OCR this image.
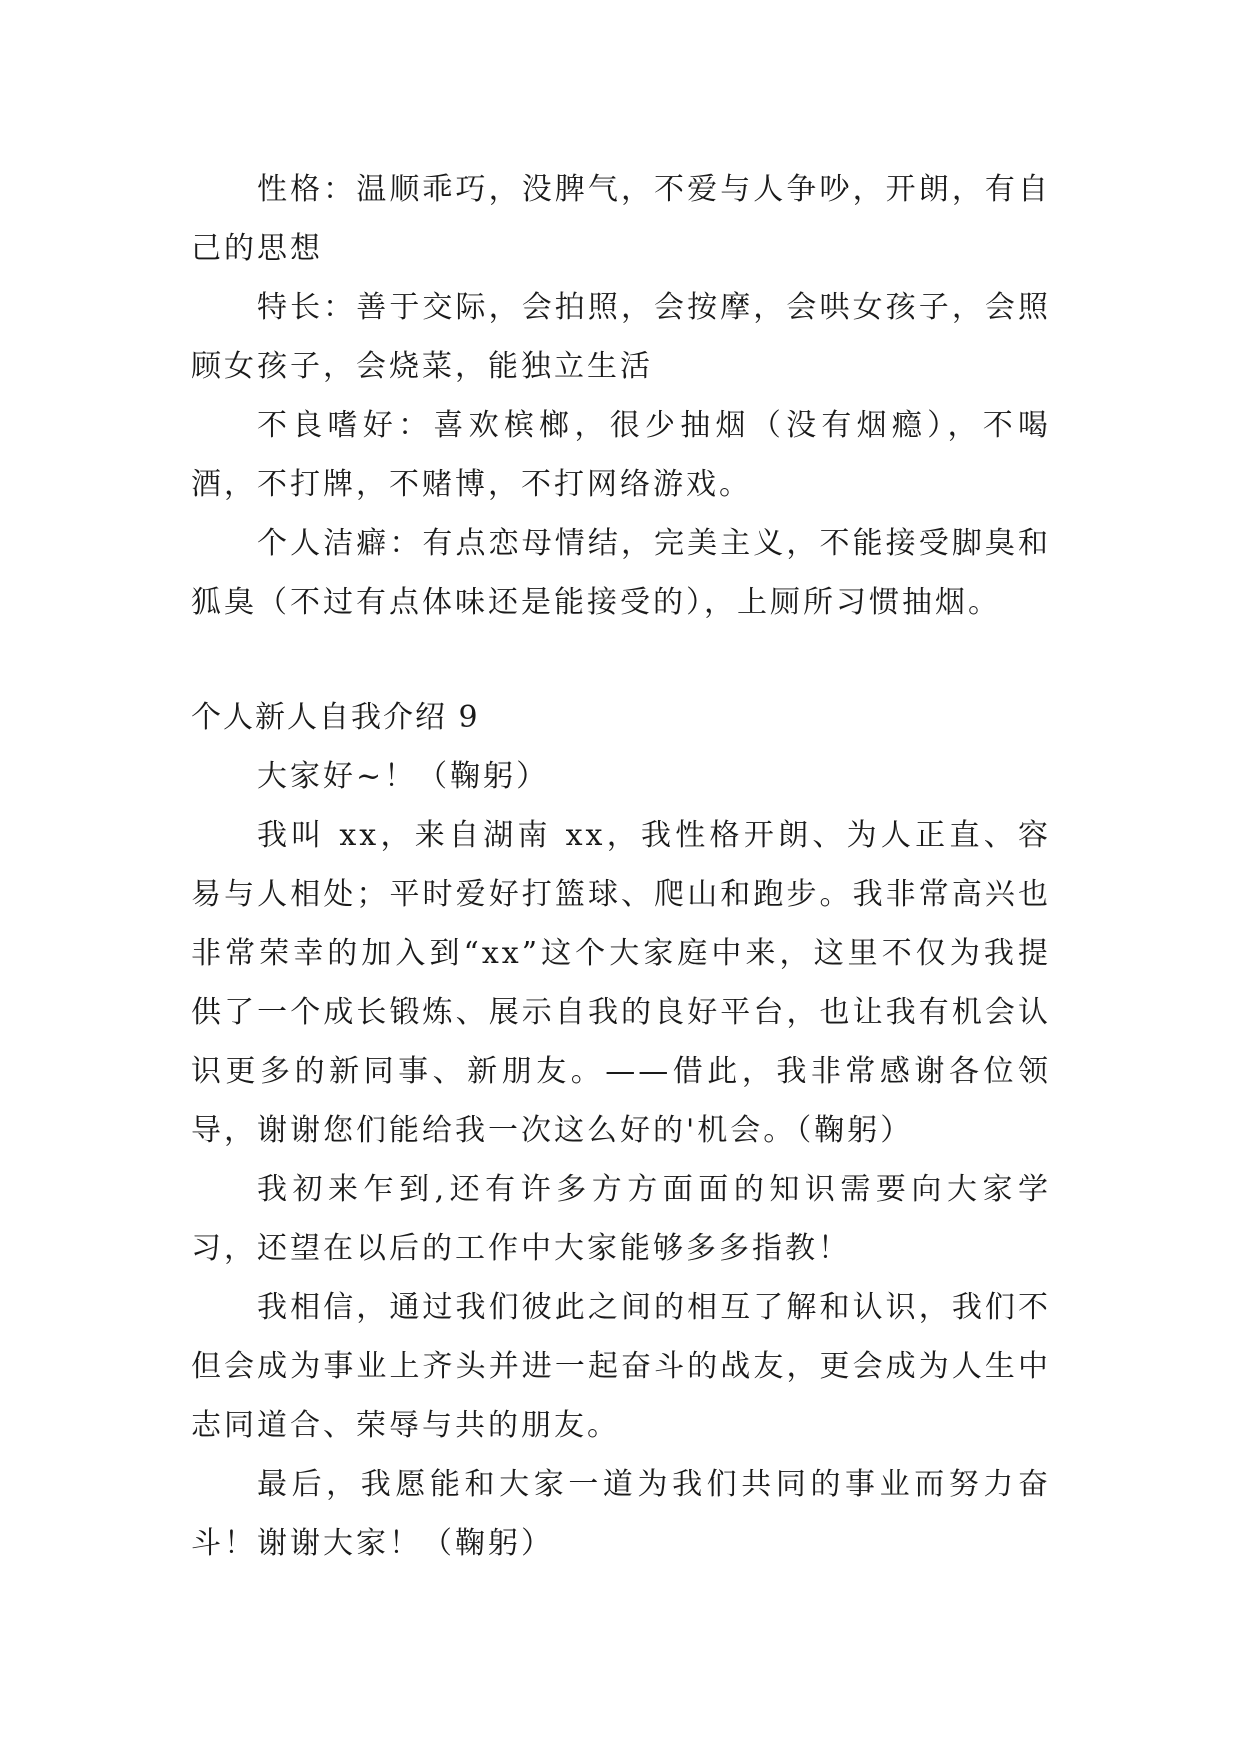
性格：温顺乖巧，没脾气，不爱与人争吵，开朗，有自己的思想

特长：善于交际，会拍照，会按摩，会哄女孩子，会照顾女孩子，会烧菜，能独立生活

不良嗜好：喜欢槟榔，很少抽烟（没有烟瘾），不喝酒，不打牌，不赌博，不打网络游戏。

个人洁癖：有点恋母情结，完美主义，不能接受脚臭和狐臭（不过有点体味还是能接受的），上厕所习惯抽烟。

个人新人自我介绍 9

大家好~！（鞠躬）

我叫 xx，来自湖南 xx，我性格开朗、为人正直、容易与人相处；平时爱好打篮球、爬山和跑步。我非常高兴也非常荣幸的加入到“xx”这个大家庭中来，这里不仅为我提供了一个成长锻炼、展示自我的良好平台，也让我有机会认识更多的新同事、新朋友。——借此，我非常感谢各位领导，谢谢您们能给我一次这么好的'机会。（鞠躬）

我初来乍到,还有许多方方面面的知识需要向大家学习，还望在以后的工作中大家能够多多指教！

我相信，通过我们彼此之间的相互了解和认识，我们不但会成为事业上齐头并进一起奋斗的战友，更会成为人生中志同道合、荣辱与共的朋友。

最后，我愿能和大家一道为我们共同的事业而努力奋斗！谢谢大家！（鞠躬）
